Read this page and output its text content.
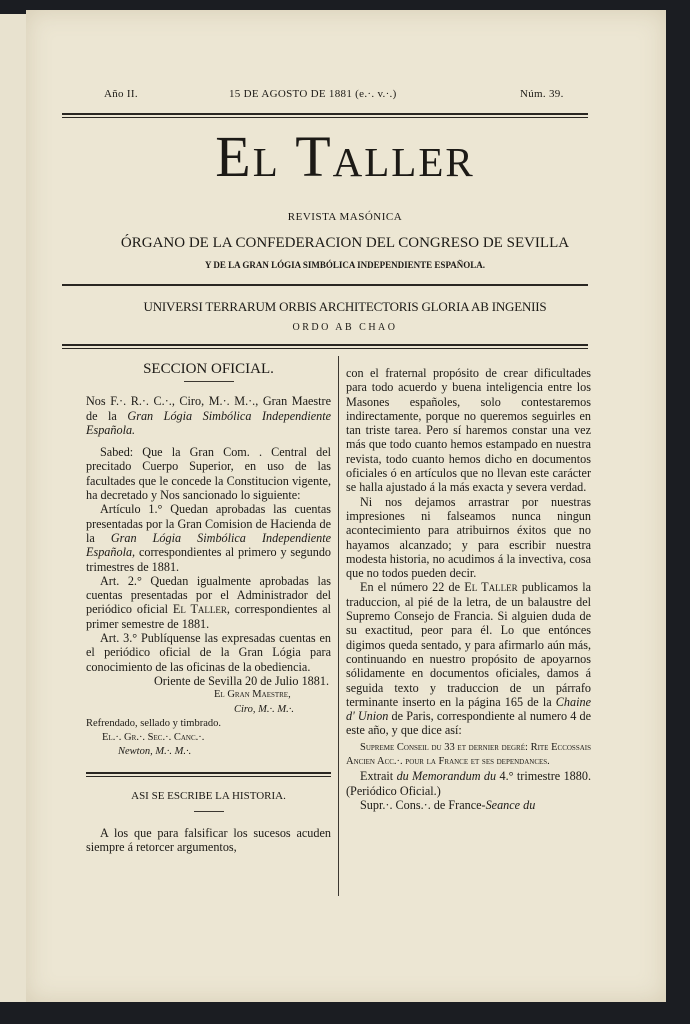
Año II.	15 DE AGOSTO DE 1881 (e.·. v.·.)	Núm. 39.
El Taller
REVISTA MASÓNICA
ÓRGANO DE LA CONFEDERACION DEL CONGRESO DE SEVILLA
Y DE LA GRAN LÓGIA SIMBÓLICA INDEPENDIENTE ESPAÑOLA.
UNIVERSI TERRARUM ORBIS ARCHITECTORIS GLORIA AB INGENIIS
ORDO AB CHAO

SECCION OFICIAL.

Nos F.·. R.·. C.·., Ciro, M.·. M.·., Gran Maestre de la Gran Lógia Simbólica Independiente Española.

Sabed: Que la Gran Com. . Central del precitado Cuerpo Superior, en uso de las facultades que le concede la Constitucion vigente, ha decretado y Nos sancionado lo siguiente:

Artículo 1.° Quedan aprobadas las cuentas presentadas por la Gran Comision de Hacienda de la Gran Lógia Simbólica Independiente Española, correspondientes al primero y segundo trimestres de 1881.

Art. 2.° Quedan igualmente aprobadas las cuentas presentadas por el Administrador del periódico oficial El Taller, correspondientes al primer semestre de 1881.

Art. 3.° Publíquense las expresadas cuentas en el periódico oficial de la Gran Lógia para conocimiento de las oficinas de la obediencia.

Oriente de Sevilla 20 de Julio 1881.

El Gran Maestre,

Ciro, M.·. M.·.

Refrendado, sellado y timbrado.

El.·. Gr.·. Sec.·. Canc.·.

Newton, M.·. M.·.

ASI SE ESCRIBE LA HISTORIA.

A los que para falsificar los sucesos acuden siempre á retorcer argumentos,

con el fraternal propósito de crear dificultades para todo acuerdo y buena inteligencia entre los Masones españoles, solo contestaremos indirectamente, porque no queremos seguirles en tan triste tarea. Pero sí haremos constar una vez más que todo cuanto hemos estampado en nuestra revista, todo cuanto hemos dicho en documentos oficiales ó en artículos que no llevan este carácter se halla ajustado á la más exacta y severa verdad.

Ni nos dejamos arrastrar por nuestras impresiones ni falseamos nunca ningun acontecimiento para atribuirnos éxitos que no hayamos alcanzado; y para escribir nuestra modesta historia, no acudimos á la invectiva, cosa que no todos pueden decir.

En el número 22 de El Taller publicamos la traduccion, al pié de la letra, de un balaustre del Supremo Consejo de Francia. Si alguien duda de su exactitud, peor para él. Lo que entónces digimos queda sentado, y para afirmarlo aún más, continuando en nuestro propósito de apoyarnos sólidamente en documentos oficiales, damos á seguida texto y traduccion de un párrafo terminante inserto en la página 165 de la Chaine d' Union de Paris, correspondiente al numero 4 de este año, y que dice así:

Supreme Conseil du 33 et dernier degré: Rite Eccossais Ancien Acc.·. pour la France et ses dependances.

Extrait du Memorandum du 4.° trimestre 1880. (Periódico Oficial.)

Supr.·. Cons.·. de France-Seance du
